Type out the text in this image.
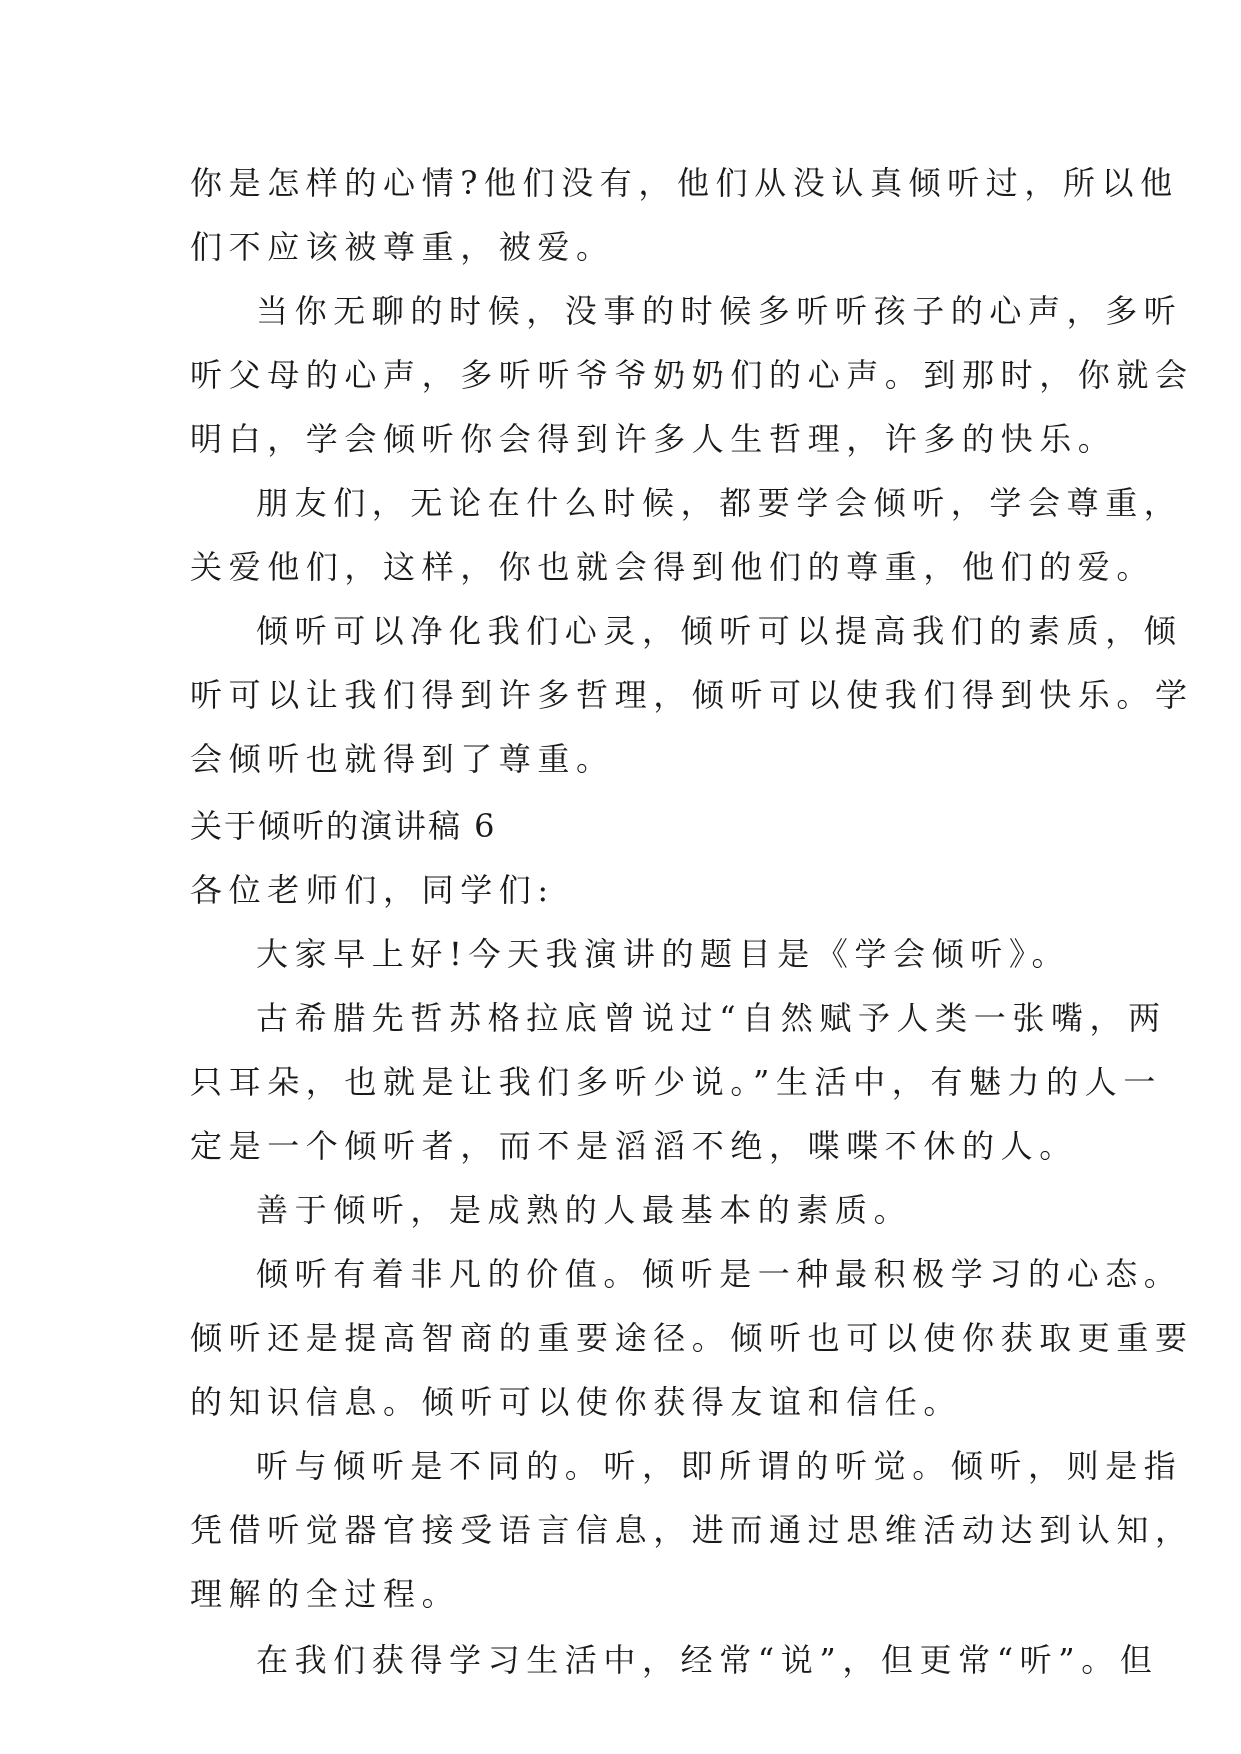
你是怎样的心情?他们没有，他们从没认真倾听过，所以他
们不应该被尊重，被爱。
当你无聊的时候，没事的时候多听听孩子的心声，多听
听父母的心声，多听听爷爷奶奶们的心声。到那时，你就会
明白，学会倾听你会得到许多人生哲理，许多的快乐。
朋友们，无论在什么时候，都要学会倾听，学会尊重，
关爱他们，这样，你也就会得到他们的尊重，他们的爱。
倾听可以净化我们心灵，倾听可以提高我们的素质，倾
听可以让我们得到许多哲理，倾听可以使我们得到快乐。学
会倾听也就得到了尊重。
关于倾听的演讲稿 6
各位老师们，同学们:
大家早上好!今天我演讲的题目是《学会倾听》。
古希腊先哲苏格拉底曾说过“自然赋予人类一张嘴，两
只耳朵，也就是让我们多听少说。”生活中，有魅力的人一
定是一个倾听者，而不是滔滔不绝，喋喋不休的人。
善于倾听，是成熟的人最基本的素质。
倾听有着非凡的价值。倾听是一种最积极学习的心态。
倾听还是提高智商的重要途径。倾听也可以使你获取更重要
的知识信息。倾听可以使你获得友谊和信任。
听与倾听是不同的。听，即所谓的听觉。倾听，则是指
凭借听觉器官接受语言信息，进而通过思维活动达到认知，
理解的全过程。
在我们获得学习生活中，经常“说”，但更常“听”。但
